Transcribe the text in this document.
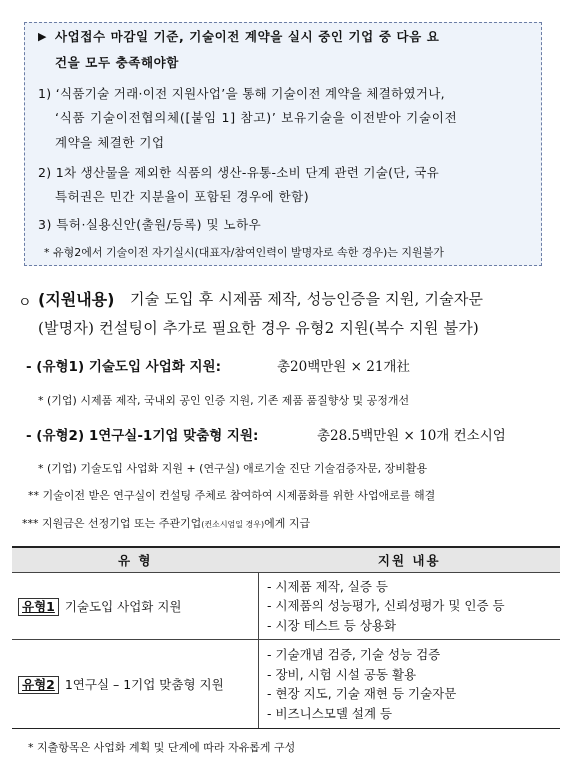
▶ 사업접수 마감일 기준, 기술이전 계약을 실시 중인 기업 중 다음 요
건을 모두 충족해야함
1) ‘식품기술 거래·이전 지원사업’을 통해 기술이전 계약을 체결하였거나,
‘식품 기술이전협의체([붙임 1] 참고)’ 보유기술을 이전받아 기술이전
계약을 체결한 기업
2) 1차 생산물을 제외한 식품의 생산-유통-소비 단계 관련 기술(단, 국유
특허권은 민간 지분율이 포함된 경우에 한함)
3) 특허·실용신안(출원/등록) 및 노하우
* 유형2에서 기술이전 자기실시(대표자/참여인력이 발명자로 속한 경우)는 지원불가
ㅇ (지원내용) 기술 도입 후 시제품 제작, 성능인증을 지원, 기술자문
(발명자) 컨설팅이 추가로 필요한 경우 유형2 지원(복수 지원 불가)
- (유형1) 기술도입 사업화 지원:	총20백만원 × 21개社
* (기업) 시제품 제작, 국내외 공인 인증 지원, 기존 제품 품질향상 및 공정개선
- (유형2) 1연구실-1기업 맞춤형 지원:	총28.5백만원 × 10개 컨소시엄
* (기업) 기술도입 사업화 지원 + (연구실) 애로기술 진단 기술검증자문, 장비활용
** 기술이전 받은 연구실이 컨설팅 주체로 참여하여 시제품화를 위한 사업애로를 해결
*** 지원금은 선정기업 또는 주관기업(컨소시엄일 경우)에게 지급
유 형	지원 내용
유형1 기술도입 사업화 지원	- 시제품 제작, 실증 등
- 시제품의 성능평가, 신뢰성평가 및 인증 등
- 시장 테스트 등 상용화

유형2 1연구실 – 1기업 맞춤형 지원	- 기술개념 검증, 기술 성능 검증
- 장비, 시험 시설 공동 활용
- 현장 지도, 기술 재현 등 기술자문
- 비즈니스모델 설계 등
* 지출항목은 사업화 계획 및 단계에 따라 자유롭게 구성
